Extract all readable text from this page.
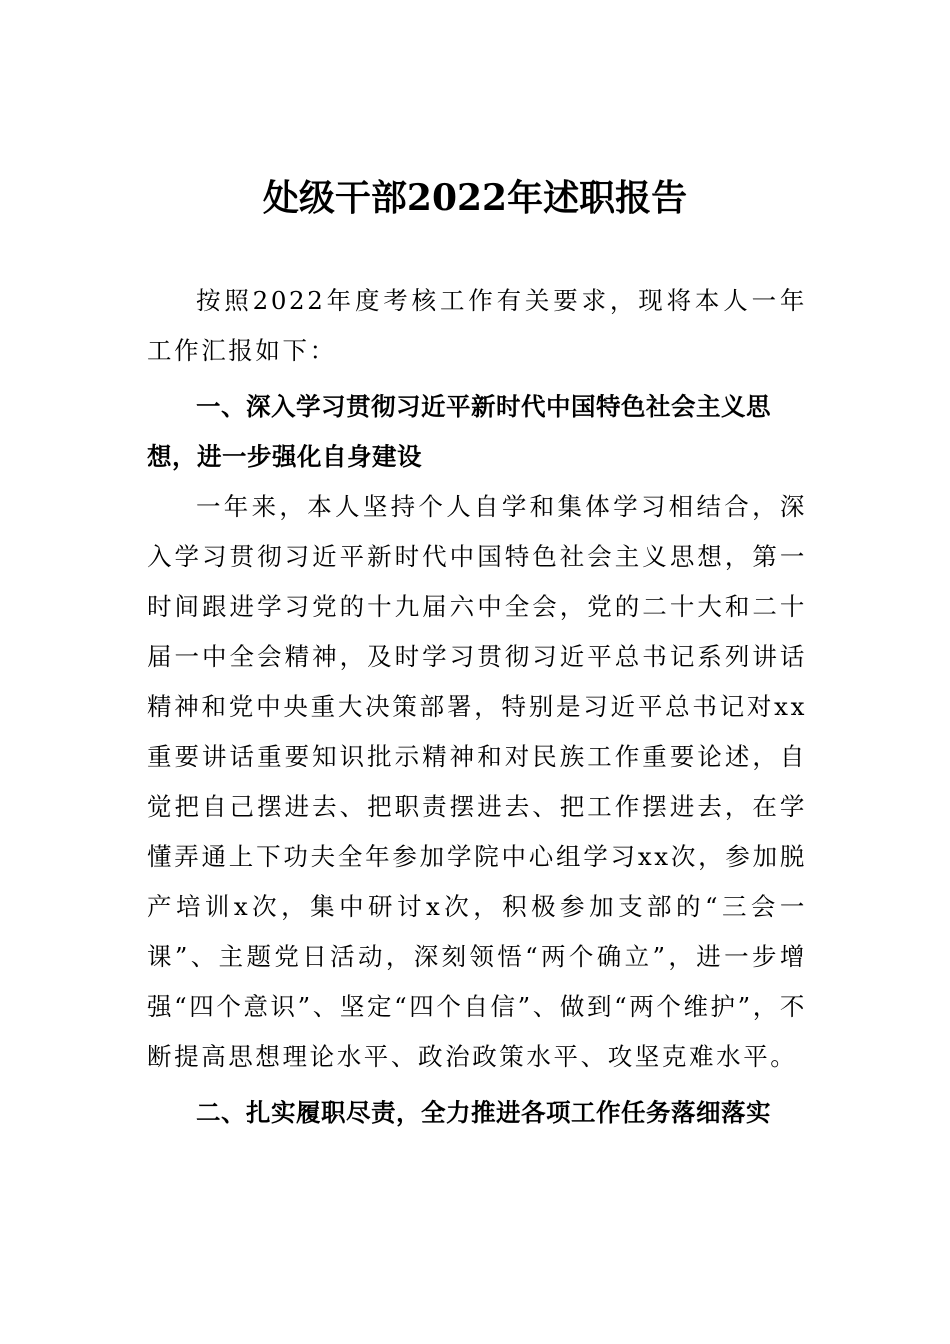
处级干部2022年述职报告

按照2022年度考核工作有关要求，现将本人一年工作汇报如下：

一、深入学习贯彻习近平新时代中国特色社会主义思想，进一步强化自身建设

一年来，本人坚持个人自学和集体学习相结合，深入学习贯彻习近平新时代中国特色社会主义思想，第一时间跟进学习党的十九届六中全会，党的二十大和二十届一中全会精神，及时学习贯彻习近平总书记系列讲话精神和党中央重大决策部署，特别是习近平总书记对xx重要讲话重要知识批示精神和对民族工作重要论述，自觉把自己摆进去、把职责摆进去、把工作摆进去，在学懂弄通上下功夫全年参加学院中心组学习xx次，参加脱产培训x次，集中研讨x次，积极参加支部的“三会一课”、主题党日活动，深刻领悟“两个确立”，进一步增强“四个意识”、坚定“四个自信”、做到“两个维护”，不断提高思想理论水平、政治政策水平、攻坚克难水平。

二、扎实履职尽责，全力推进各项工作任务落细落实
